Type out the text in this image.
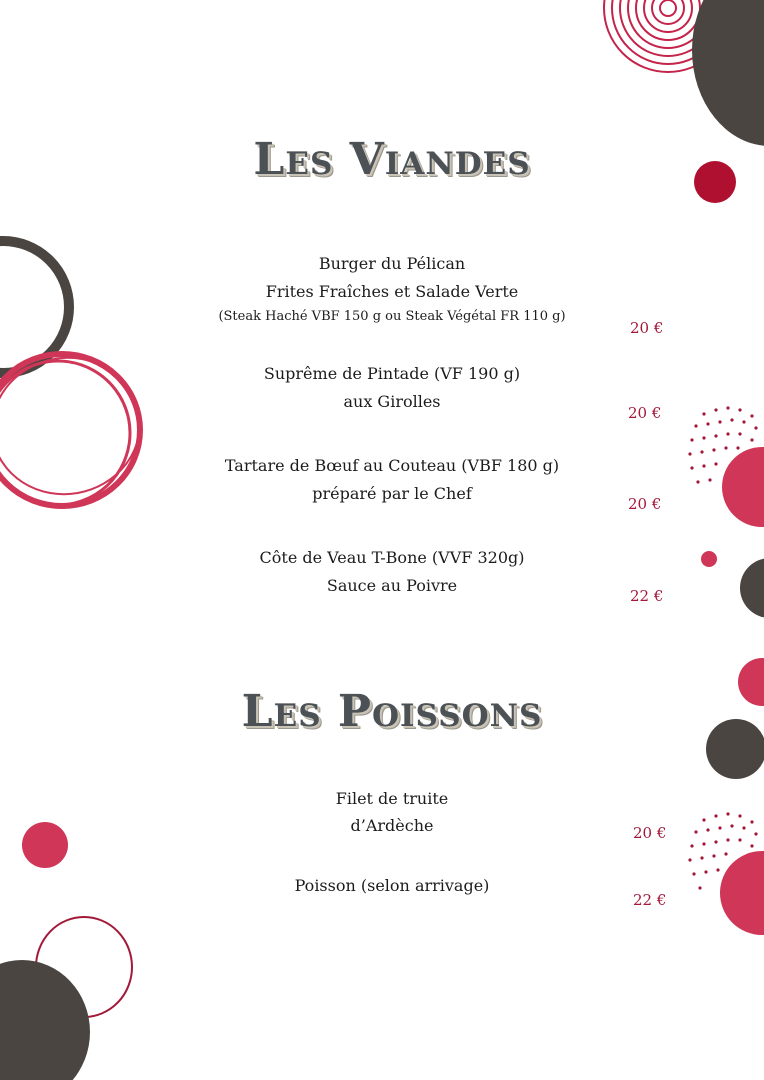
Les Viandes
Burger du Pélican
Frites Fraîches et Salade Verte
(Steak Haché VBF 150 g ou Steak Végétal FR 110 g)
20 €
Suprême de Pintade (VF 190 g)
aux Girolles
20 €
Tartare de Bœuf au Couteau (VBF 180 g)
préparé par le Chef
20 €
Côte de Veau T-Bone (VVF 320g)
Sauce au Poivre
22 €
Les Poissons
Filet de truite
d’Ardèche	20 €
Poisson (selon arrivage)
22 €
